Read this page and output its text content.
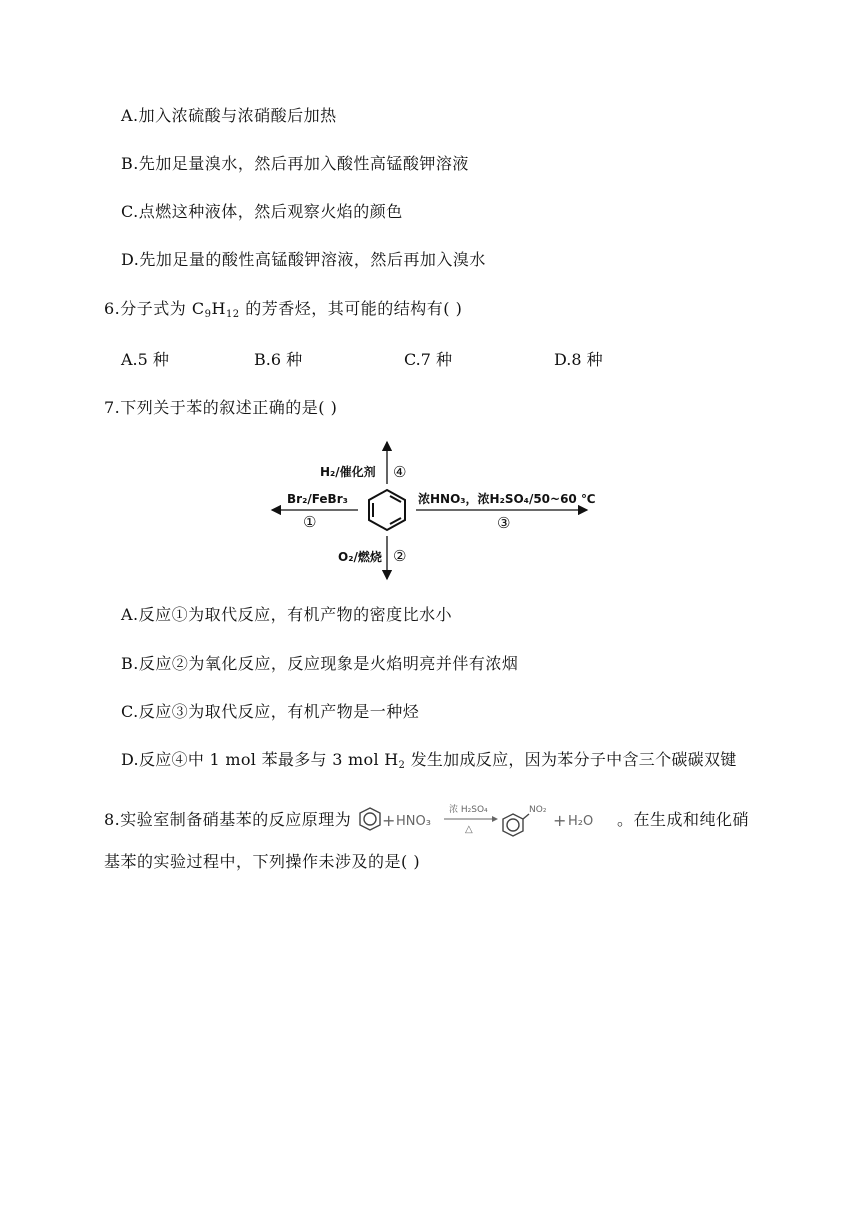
A.加入浓硫酸与浓硝酸后加热
B.先加足量溴水，然后再加入酸性高锰酸钾溶液
C.点燃这种液体，然后观察火焰的颜色
D.先加足量的酸性高锰酸钾溶液，然后再加入溴水
6.分子式为 $C_9H_{12}$ 的芳香烃，其可能的结构有( )
A.5 种	B.6 种	C.7 种	D.8 种
7.下列关于苯的叙述正确的是( )
H₂/催化剂 ④
Br₂/FeBr₃
①
浓HNO₃，浓H₂SO₄/50~60 ℃
③
O₂/燃烧 ②
A.反应①为取代反应，有机产物的密度比水小
B.反应②为氧化反应，反应现象是火焰明亮并伴有浓烟
C.反应③为取代反应，有机产物是一种烃
D.反应④中 1 mol 苯最多与 3 mol $H_2$ 发生加成反应，因为苯分子中含三个碳碳双键
8.实验室制备硝基苯的反应原理为 + HNO₃
浓 H₂SO₄
△
NO₂
+ H₂O 。在生成和纯化硝
基苯的实验过程中，下列操作未涉及的是( )
